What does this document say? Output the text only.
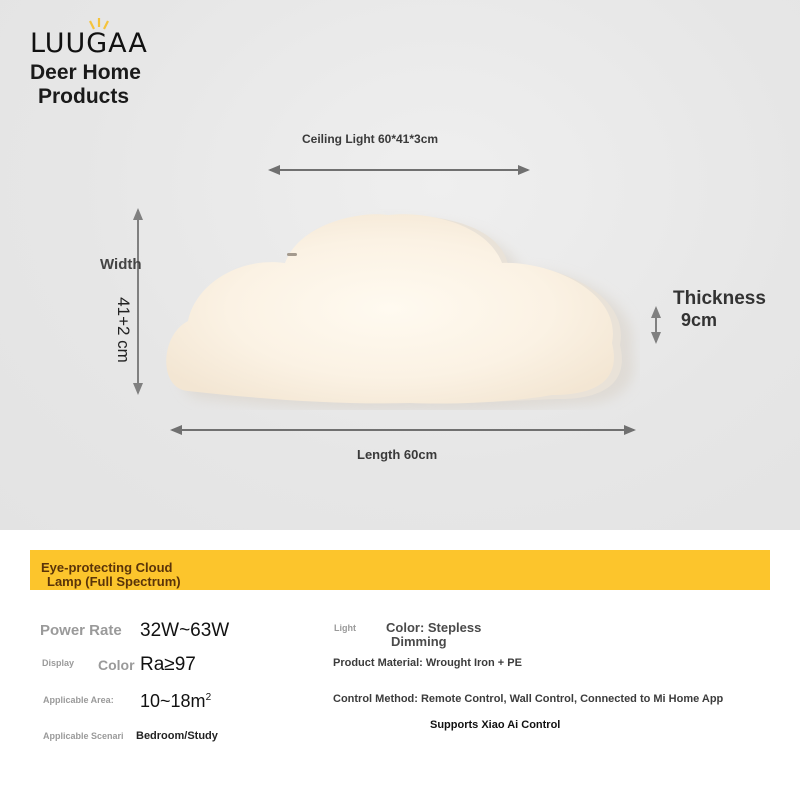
LUUGAA
Deer Home
Products
Ceiling Light 60*41*3cm
Width
41+2 cm	Thickness
9cm
Length 60cm
Eye-protecting Cloud
Lamp (Full Spectrum)
Power Rate 32W~63W
Display Color Ra≥97
Applicable Area: $10\sim 18m^2$
Applicable Scenari Bedroom/Study
Light Color: Stepless
Dimming
Product Material: Wrought Iron + PE
Control Method: Remote Control, Wall Control, Connected to Mi Home App
Supports Xiao Ai Control
